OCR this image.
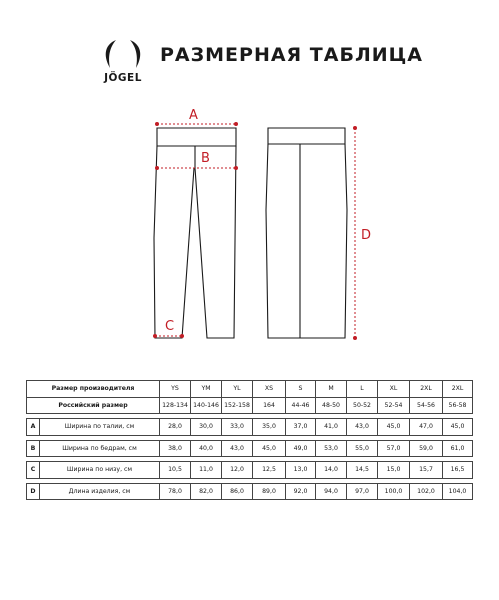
JÖGEL
РАЗМЕРНАЯ ТАБЛИЦА
A
B
C
D
Размер производителя		YS	YM	YL	XS	S	M	L	XL	2XL	2XL
Российский размер		128-134	140-146	152-158	164	44-46	48-50	50-52	52-54	54-56	56-58

A	Ширина по талии, см	28,0	30,0	33,0	35,0	37,0	41,0	43,0	45,0	47,0	45,0

B	Ширина по бедрам, см	38,0	40,0	43,0	45,0	49,0	53,0	55,0	57,0	59,0	61,0

C	Ширина по низу, см	10,5	11,0	12,0	12,5	13,0	14,0	14,5	15,0	15,7	16,5

D	Длина изделия, см	78,0	82,0	86,0	89,0	92,0	94,0	97,0	100,0	102,0	104,0
